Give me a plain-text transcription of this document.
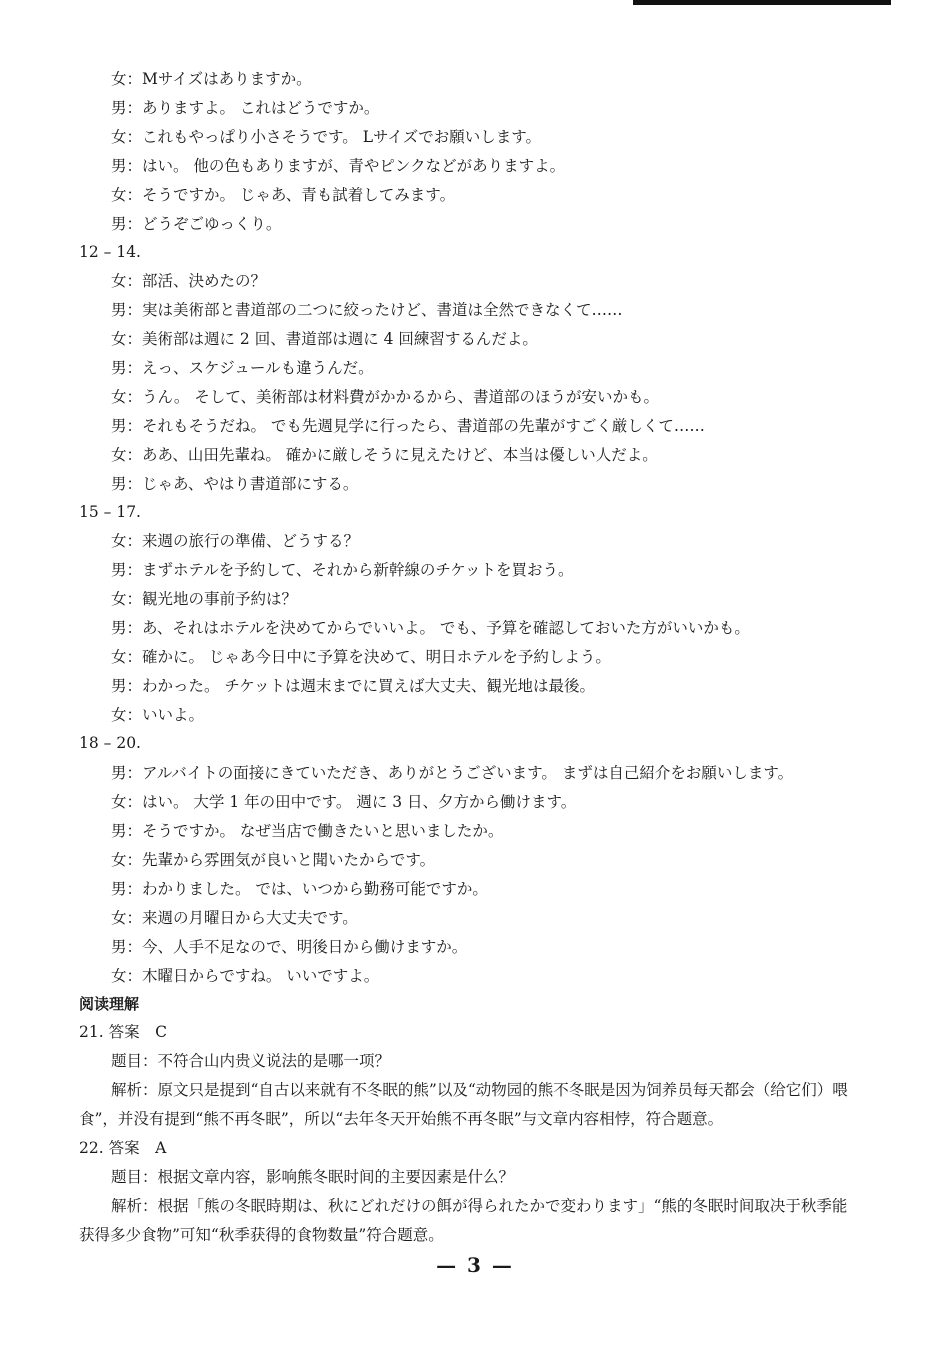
女：Mサイズはありますか。
男：ありますよ。 これはどうですか。
女：これもやっぱり小さそうです。 Lサイズでお願いします。
男：はい。 他の色もありますが、青やピンクなどがありますよ。
女：そうですか。 じゃあ、青も試着してみます。
男：どうぞごゆっくり。
12 – 14.
女：部活、決めたの？
男：実は美術部と書道部の二つに絞ったけど、書道は全然できなくて……
女：美術部は週に 2 回、書道部は週に 4 回練習するんだよ。
男：えっ、スケジュールも違うんだ。
女：うん。 そして、美術部は材料費がかかるから、書道部のほうが安いかも。
男：それもそうだね。 でも先週見学に行ったら、書道部の先輩がすごく厳しくて……
女：ああ、山田先輩ね。 確かに厳しそうに見えたけど、本当は優しい人だよ。
男：じゃあ、やはり書道部にする。
15 – 17.
女：来週の旅行の準備、どうする？
男：まずホテルを予約して、それから新幹線のチケットを買おう。
女：観光地の事前予約は？
男：あ、それはホテルを決めてからでいいよ。 でも、予算を確認しておいた方がいいかも。
女：確かに。 じゃあ今日中に予算を決めて、明日ホテルを予約しよう。
男：わかった。 チケットは週末までに買えば大丈夫、観光地は最後。
女：いいよ。
18 – 20.
男：アルバイトの面接にきていただき、ありがとうございます。 まずは自己紹介をお願いします。
女：はい。 大学 1 年の田中です。 週に 3 日、夕方から働けます。
男：そうですか。 なぜ当店で働きたいと思いましたか。
女：先輩から雰囲気が良いと聞いたからです。
男：わかりました。 では、いつから勤務可能ですか。
女：来週の月曜日から大丈夫です。
男：今、人手不足なので、明後日から働けますか。
女：木曜日からですね。 いいですよ。
阅读理解
21. 答案　C
题目：不符合山内贵义说法的是哪一项？
解析：原文只是提到“自古以来就有不冬眠的熊”以及“动物园的熊不冬眠是因为饲养员每天都会（给它们）喂
食”，并没有提到“熊不再冬眠”，所以“去年冬天开始熊不再冬眠”与文章内容相悖，符合题意。
22. 答案　A
题目：根据文章内容，影响熊冬眠时间的主要因素是什么？
解析：根据「熊の冬眠時期は、秋にどれだけの餌が得られたかで変わります」“熊的冬眠时间取决于秋季能
获得多少食物”可知“秋季获得的食物数量”符合题意。
— 3 —
